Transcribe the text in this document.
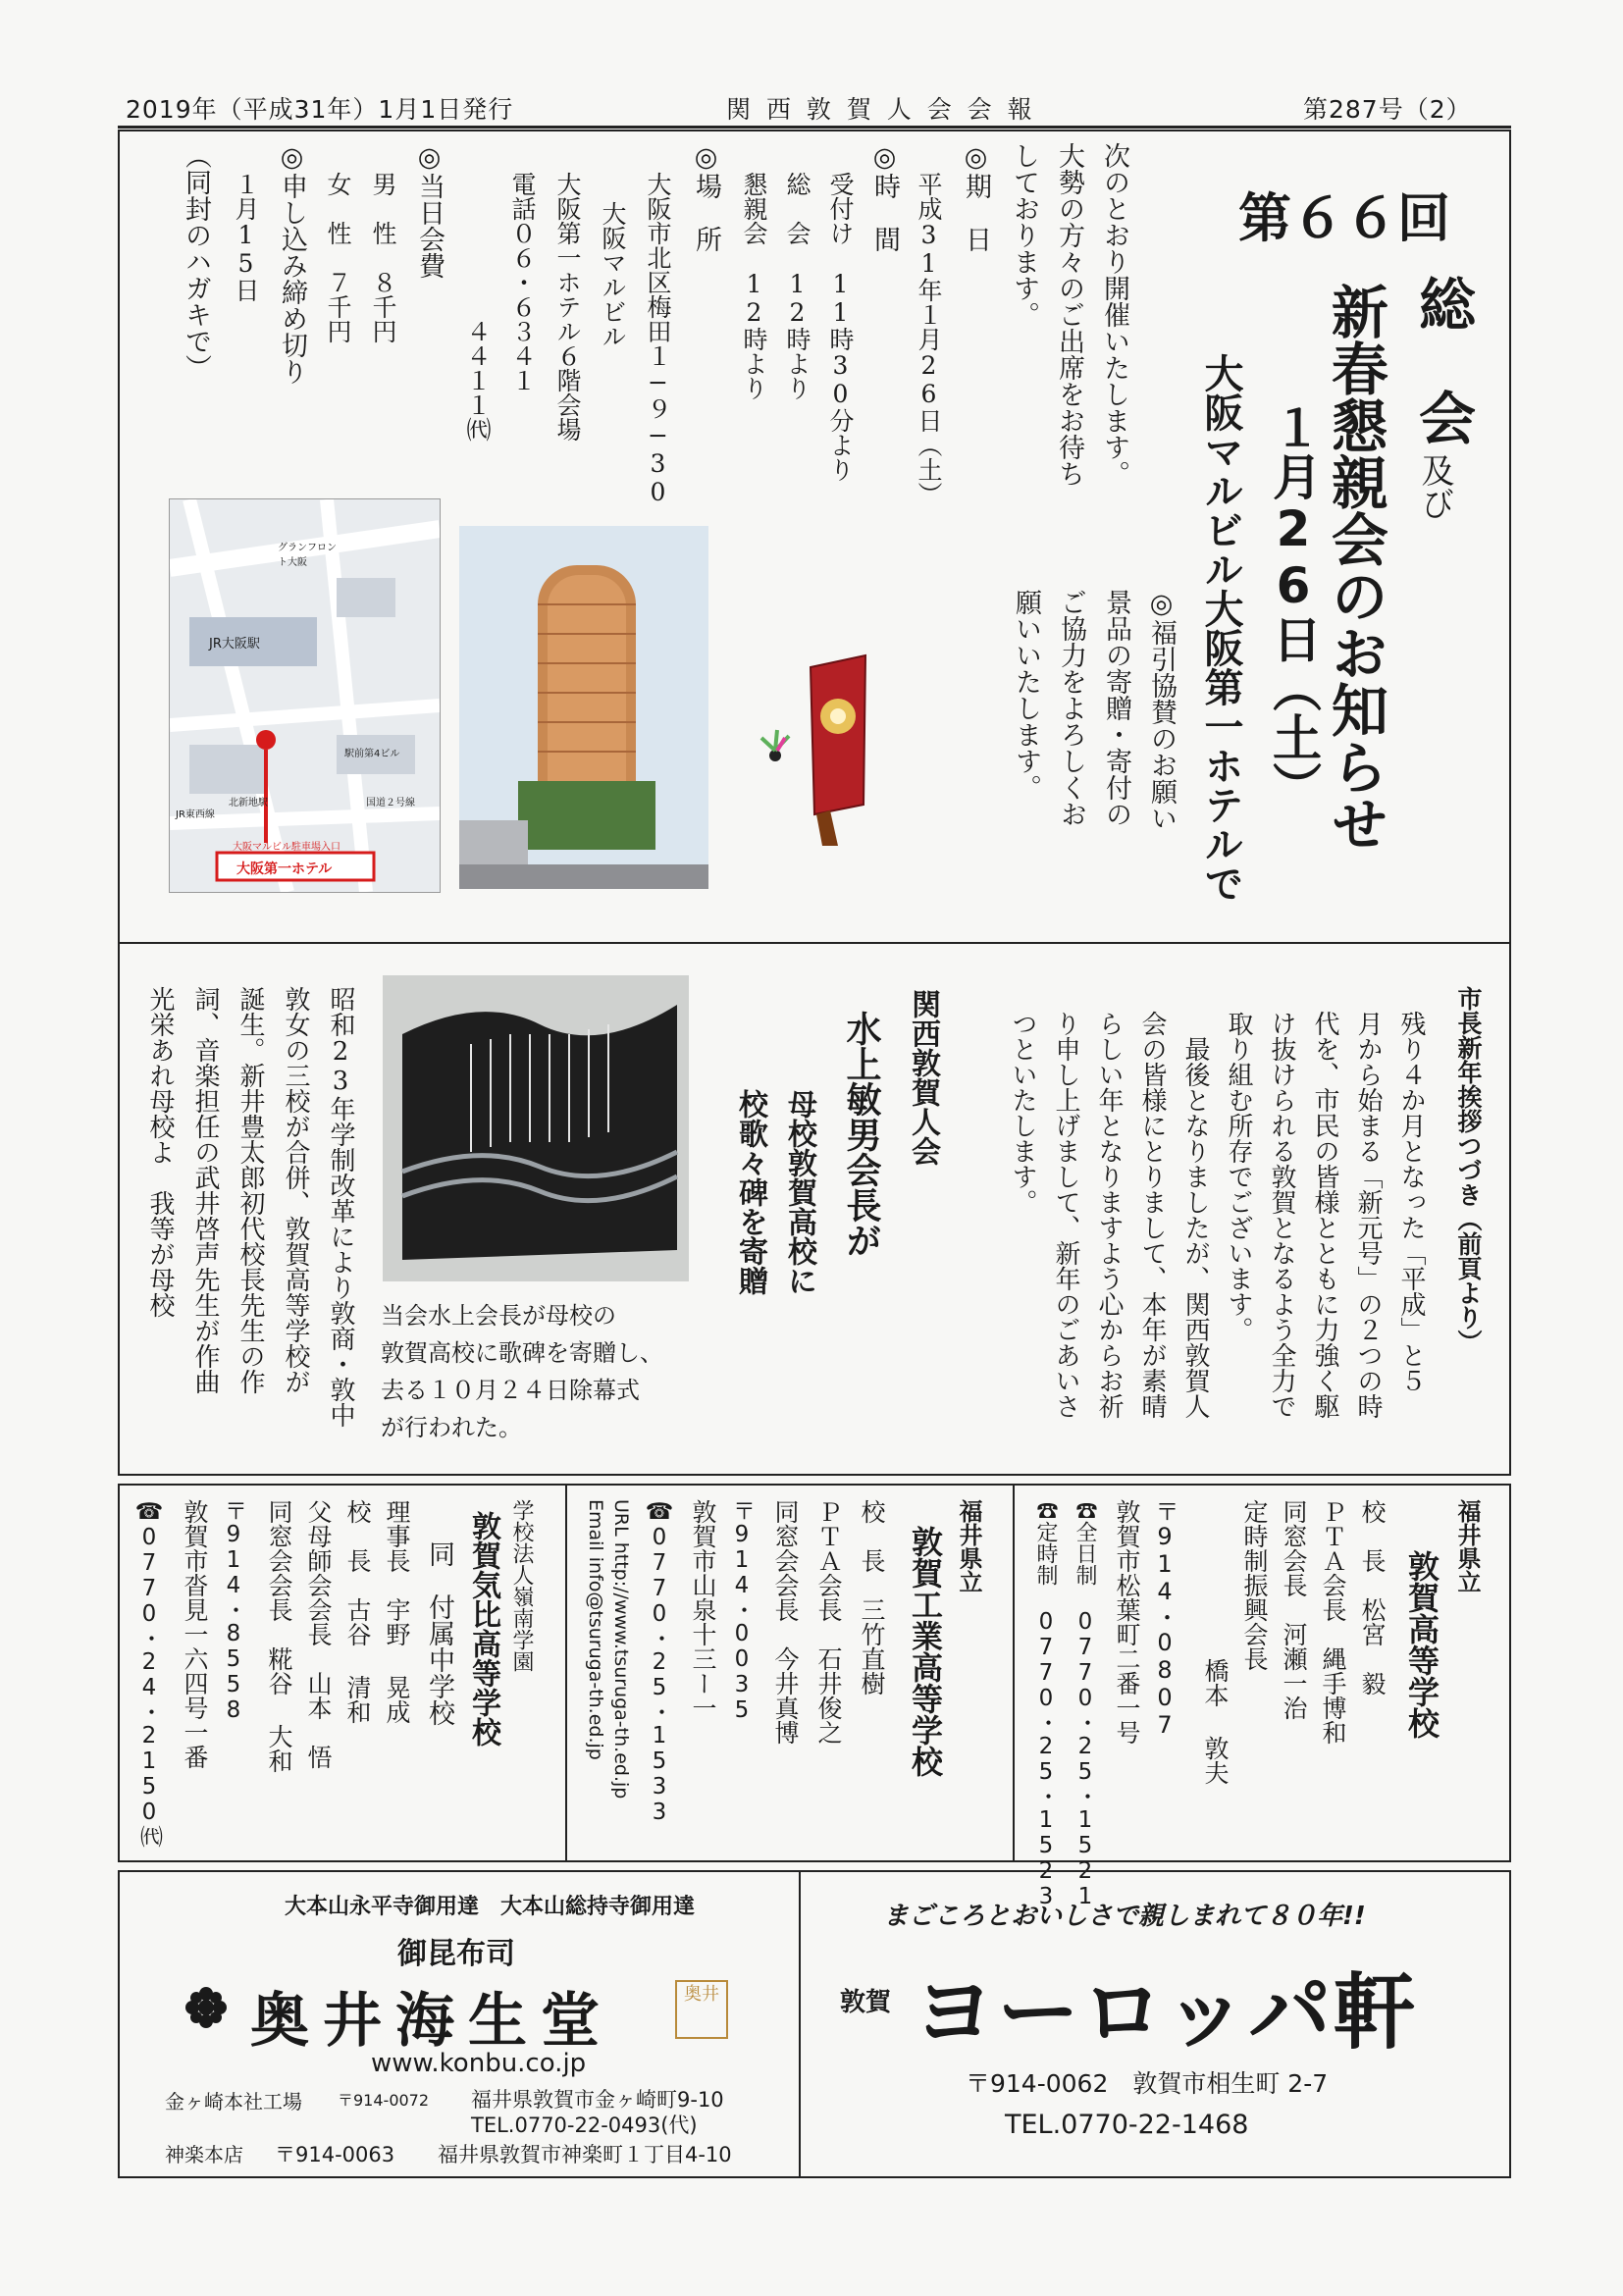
2019年（平成31年）1月1日発行	関 西 敦 賀 人 会 会 報	第287号（2）
第６６回
総　会
及び
新春懇親会のお知らせ
１月26日（土）
大阪マルビル大阪第一ホテルで
次のとおり開催いたします。
大勢の方々のご出席をお待ち
しております。
◎期　日
平成31年１月26日（土）
◎時　間
受付け　11時30分より
総　会　12時より
懇親会　12時より
◎場　所
大阪市北区梅田１−９−30
大阪マルビル
大阪第一ホテル６階会場
電話０６・６３４１
４４１１㈹
◎当日会費
男　性　８千円
女　性　７千円
◎申し込み締め切り
１月15日
（同封のハガキで）
◎福引協賛のお願い
景品の寄贈・寄付の
ご協力をよろしくお
願いいたします。
JR大阪駅
グランフロント大阪
駅前第4ビル
北新地駅
JR東西線
国道２号線
大阪マルビル駐車場入口
大阪第一ホテル
市長新年挨拶つづき（前頁より）
残り４か月となった「平成」と５
月から始まる「新元号」の２つの時
代を、市民の皆様とともに力強く駆
け抜けられる敦賀となるよう全力で
取り組む所存でございます。
　最後となりましたが、関西敦賀人
会の皆様にとりまして、本年が素晴
らしい年となりますよう心からお祈
り申し上げまして、新年のごあいさ
つといたします。
関西敦賀人会
水上敏男会長が
母校敦賀高校に
校歌々碑を寄贈
当会水上会長が母校の
敦賀高校に歌碑を寄贈し、
去る１０月２４日除幕式
が行われた。
昭和23年学制改革により敦商・敦中
敦女の三校が合併、敦賀高等学校が
誕生。新井豊太郎初代校長先生の作
詞、音楽担任の武井啓声先生が作曲
光栄あれ母校よ　我等が母校
福井県立
敦賀高等学校
校　長　松宮　毅
ＰＴＡ会長　縄手博和
同窓会長　河瀬一治
定時制振興会長
橋本 敦夫
〒914・0807
敦賀市松葉町二番一号
☎全日制
0770・25・1521
☎定時制
0770・25・1523
福井県立
敦賀工業高等学校
校　長　三竹直樹
ＰＴＡ会長　石井俊之
同窓会会長　今井真博
〒914・0035
敦賀市山泉十三ー一
☎0770・25・1533
URL http://www.tsuruga-th.ed.jp
Email info@tsuruga-th.ed.jp
学校法人嶺南学園
敦賀気比高等学校
同　付属中学校
理事長　宇野 晃成
校　長　古谷 清和
父母師会会長　山本　悟
同窓会会長　糀谷 大和
〒914・8558
敦賀市沓見一六四号一番
☎0770・24・2150㈹
大本山永平寺御用達　大本山総持寺御用達
御昆布司
奥井海生堂	奥井
www.konbu.co.jp
金ヶ崎本社工場 〒914-0072 福井県敦賀市金ヶ崎町9-10
TEL.0770-22-0493(代)
神楽本店 〒914-0063 福井県敦賀市神楽町１丁目4-10
まごころとおいしさで親しまれて８０年!!
敦賀 ヨーロッパ軒
〒914-0062　敦賀市相生町 2-7
TEL.0770-22-1468
